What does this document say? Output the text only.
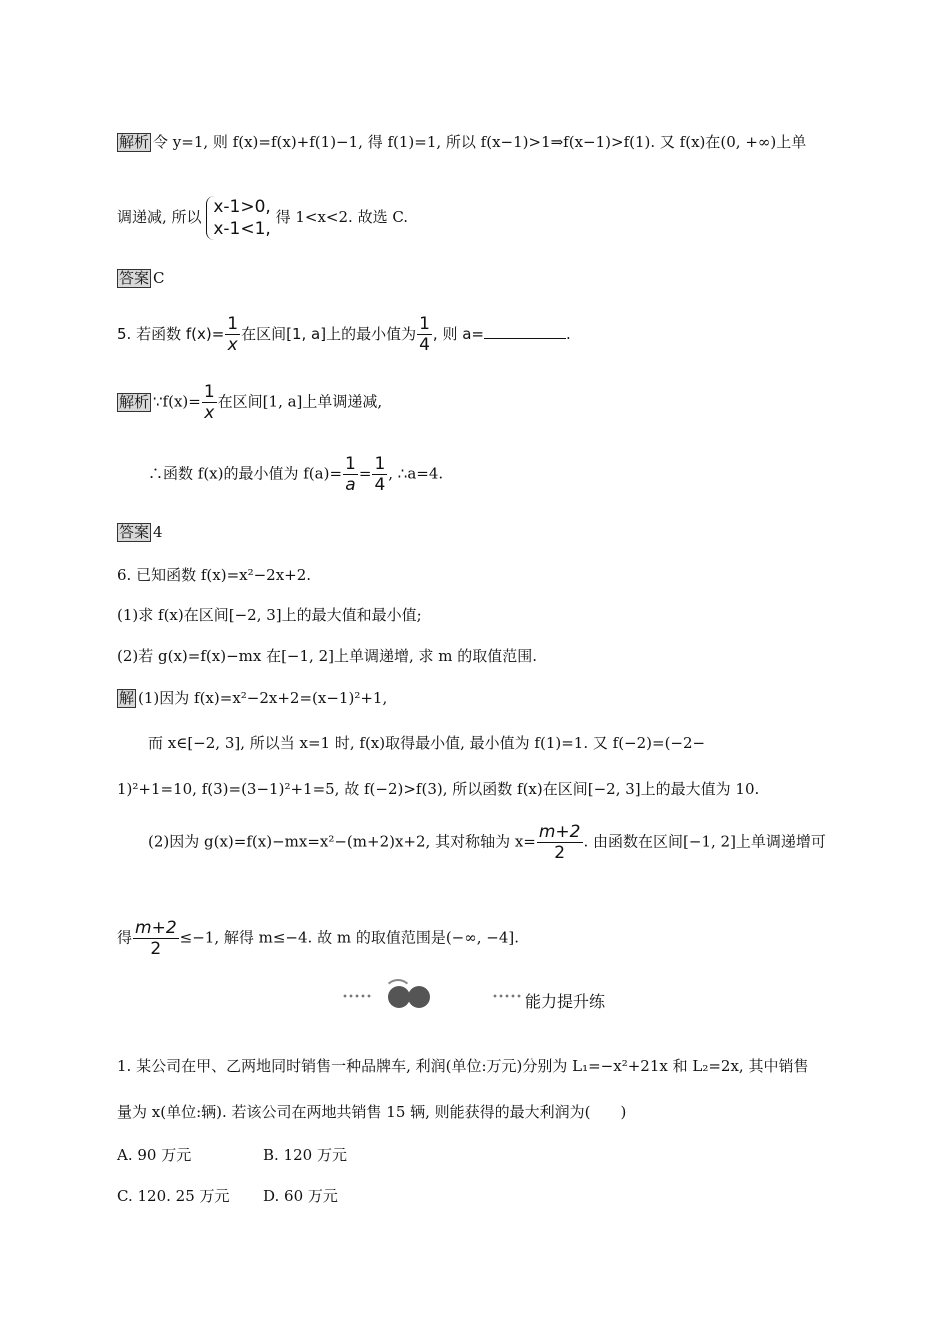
解析 令 y=1, 则 f(x)=f(x)+f(1)−1, 得 f(1)=1, 所以 f(x−1)>1⇒f(x−1)>f(1). 又 f(x)在(0, +∞)上单
调递减, 所以 x-1>0,
x-1<1,
得 1<x<2. 故选 C.
答案 C
5. 若函数 $f(x)= \frac{1}{x}$ 在区间[1, a]上的最小值为 $\frac{1}{4}$ , 则 a=	.
解析 ∵f(x)= $\frac{1}{x}$ 在区间[1, a]上单调递减,
∴函数 f(x)的最小值为 $f(a)= \frac{1}{a} = \frac{1}{4}$ , ∴a=4.
答案 4
6. 已知函数 f(x)=x²−2x+2.
(1)求 f(x)在区间[−2, 3]上的最大值和最小值;
(2)若 g(x)=f(x)−mx 在[−1, 2]上单调递增, 求 m 的取值范围.
解 (1)因为 f(x)=x²−2x+2=(x−1)²+1,
而 x∈[−2, 3], 所以当 x=1 时, f(x)取得最小值, 最小值为 f(1)=1. 又 f(−2)=(−2−
1)²+1=10, f(3)=(3−1)²+1=5, 故 f(−2)>f(3), 所以函数 f(x)在区间[−2, 3]上的最大值为 10.
(2)因为 g(x)=f(x)−mx=x²−(m+2)x+2, 其对称轴为 $x= \frac{m+2}{2}$ . 由函数在区间[−1, 2]上单调递增可
得 $\frac{m+2}{2} \le-1$, 解得 m≤−4. 故 m 的取值范围是(−∞, −4].
能力提升练
1. 某公司在甲、乙两地同时销售一种品牌车, 利润(单位:万元)分别为 L₁=−x²+21x 和 L₂=2x, 其中销售
量为 x(单位:辆). 若该公司在两地共销售 15 辆, 则能获得的最大利润为(　　)
A. 90 万元	B. 120 万元
C. 120. 25 万元 D. 60 万元
